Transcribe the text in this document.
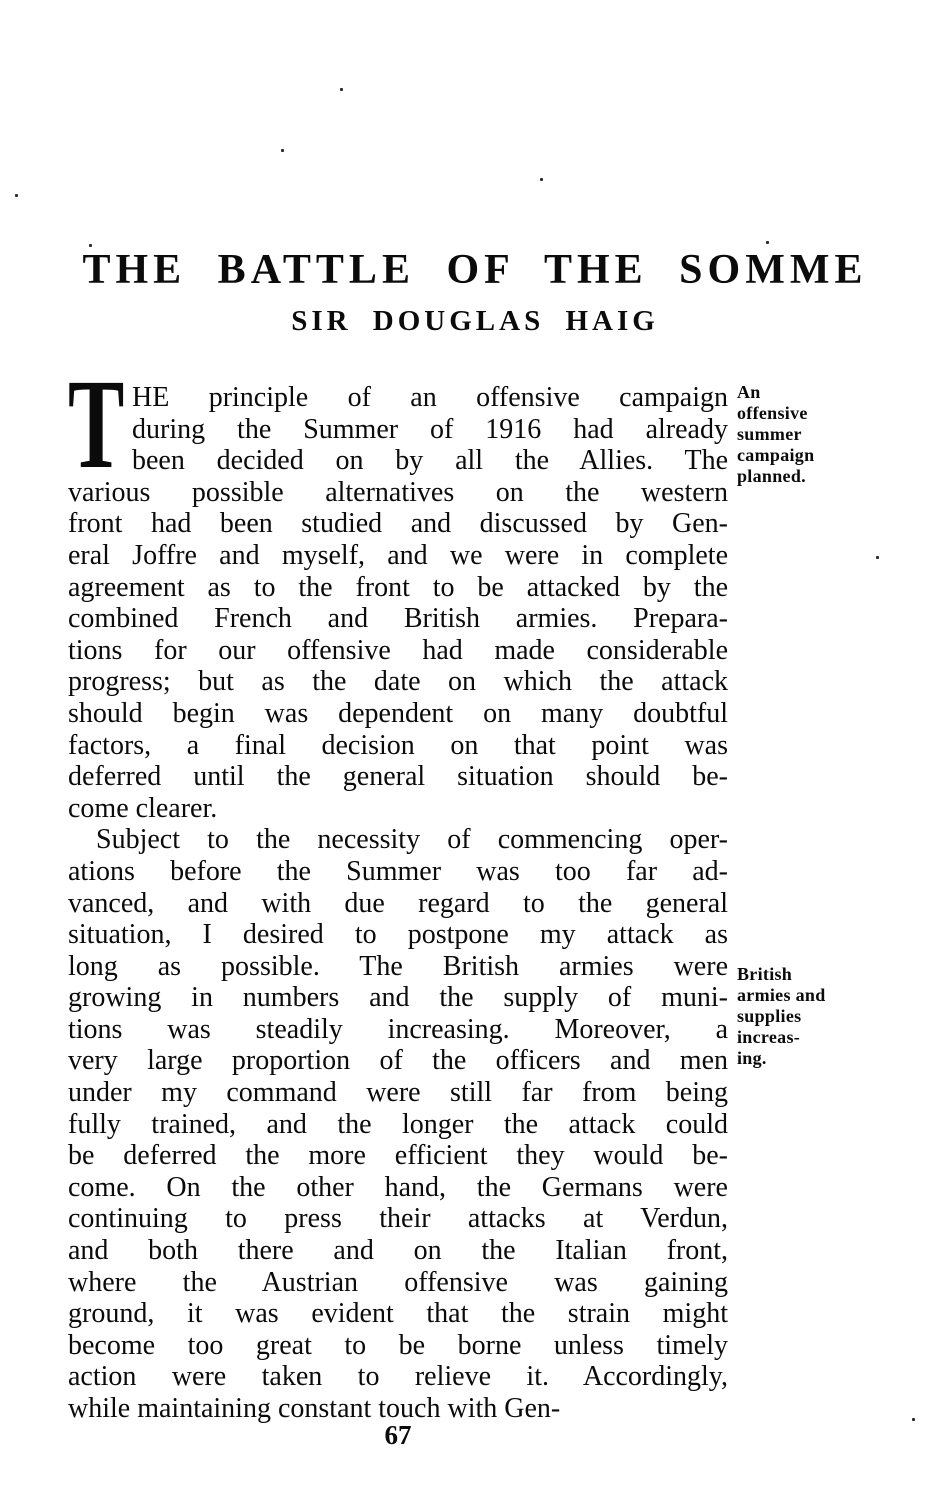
THE BATTLE OF THE SOMME
SIR DOUGLAS HAIG
T HE principle of an offensive campaign
during the Summer of 1916 had already
been decided on by all the Allies. The
various possible alternatives on the western
front had been studied and discussed by Gen-
eral Joffre and myself, and we were in complete
agreement as to the front to be attacked by the
combined French and British armies. Prepara-
tions for our offensive had made considerable
progress; but as the date on which the attack
should begin was dependent on many doubtful
factors, a final decision on that point was
deferred until the general situation should be-
come clearer.
Subject to the necessity of commencing oper-
ations before the Summer was too far ad-
vanced, and with due regard to the general
situation, I desired to postpone my attack as
long as possible. The British armies were
growing in numbers and the supply of muni-
tions was steadily increasing. Moreover, a
very large proportion of the officers and men
under my command were still far from being
fully trained, and the longer the attack could
be deferred the more efficient they would be-
come. On the other hand, the Germans were
continuing to press their attacks at Verdun,
and both there and on the Italian front,
where the Austrian offensive was gaining
ground, it was evident that the strain might
become too great to be borne unless timely
action were taken to relieve it. Accordingly,
while maintaining constant touch with Gen-
An
offensive
summer
campaign
planned.
British
armies and
supplies
increas-
ing.
67
